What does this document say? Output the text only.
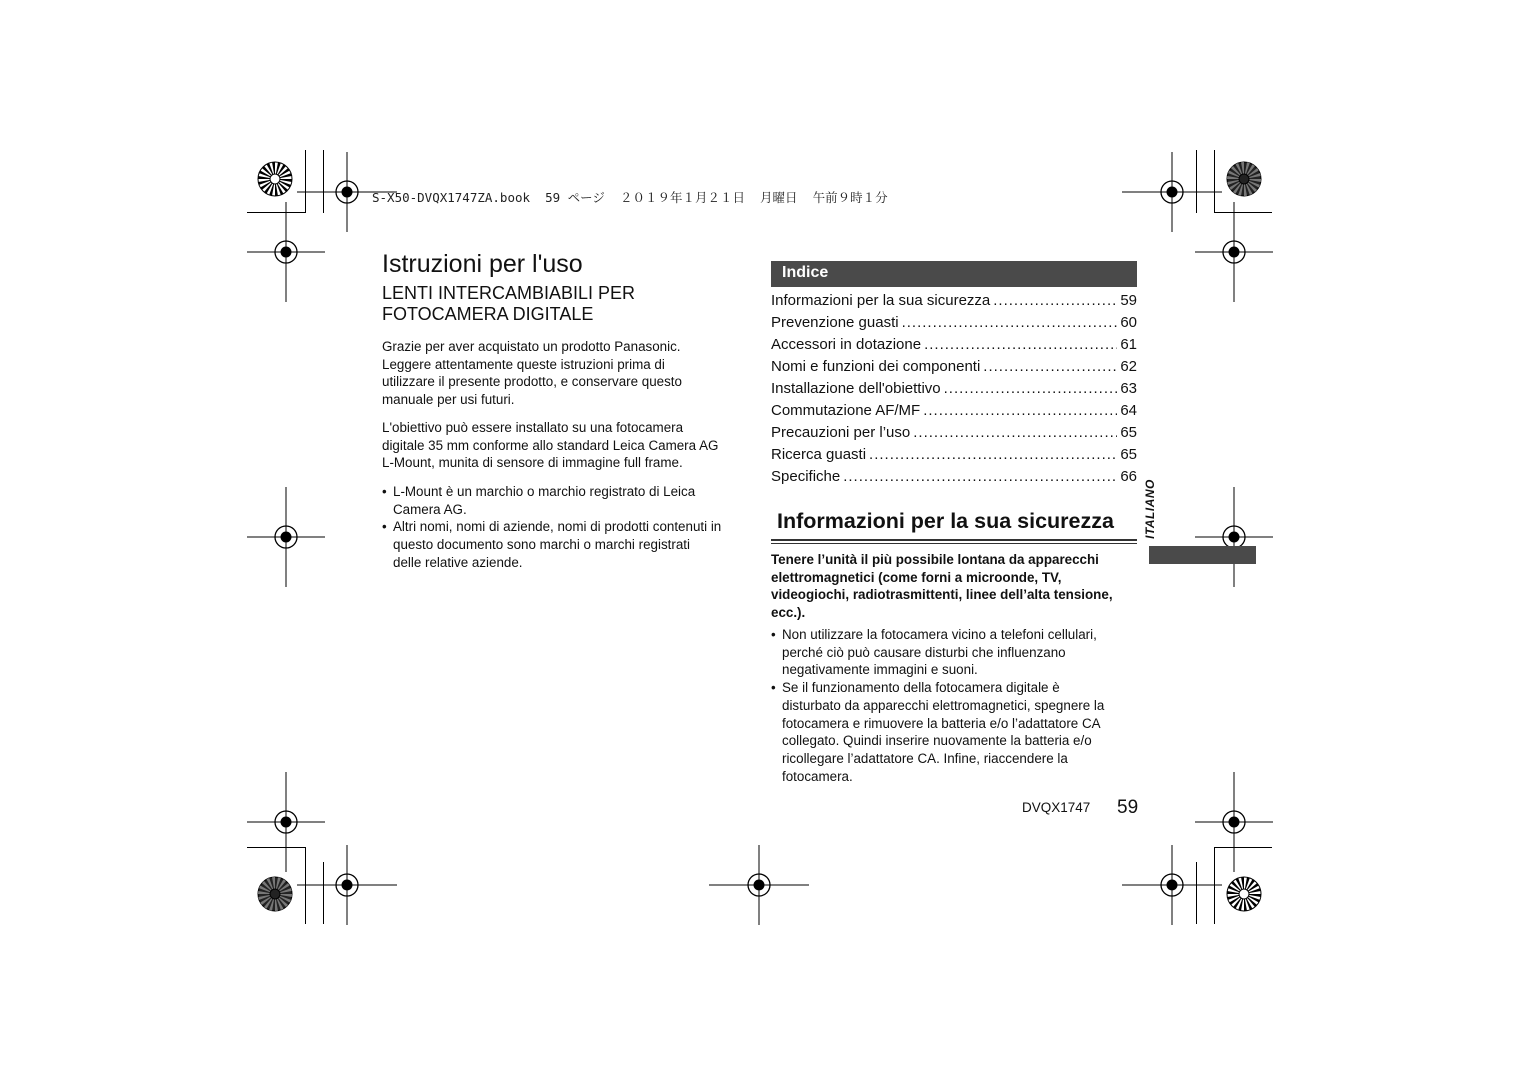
S-X50-DVQX1747ZA.book  59 ページ  ２０１９年１月２１日  月曜日  午前９時１分
Istruzioni per l'uso
LENTI INTERCAMBIABILI PER
FOTOCAMERA DIGITALE
Grazie per aver acquistato un prodotto Panasonic.
Leggere attentamente queste istruzioni prima di
utilizzare il presente prodotto, e conservare questo
manuale per usi futuri.
L'obiettivo può essere installato su una fotocamera
digitale 35 mm conforme allo standard Leica Camera AG
L-Mount, munita di sensore di immagine full frame.
• L-Mount è un marchio o marchio registrato di Leica
Camera AG.
• Altri nomi, nomi di aziende, nomi di prodotti contenuti in
questo documento sono marchi o marchi registrati
delle relative aziende.
Indice
Informazioni per la sua sicurezza .....	59
Prevenzione guasti .....	60
Accessori in dotazione .....	61
Nomi e funzioni dei componenti .....	62
Installazione dell'obiettivo .....	63
Commutazione AF/MF .....	64
Precauzioni per l’uso .....	65
Ricerca guasti .....	65
Specifiche .....	66
Informazioni per la sua sicurezza
Tenere l’unità il più possibile lontana da apparecchi
elettromagnetici (come forni a microonde, TV,
videogiochi, radiotrasmittenti, linee dell’alta tensione,
ecc.).
• Non utilizzare la fotocamera vicino a telefoni cellulari,
perché ciò può causare disturbi che influenzano
negativamente immagini e suoni.
• Se il funzionamento della fotocamera digitale è
disturbato da apparecchi elettromagnetici, spegnere la
fotocamera e rimuovere la batteria e/o l’adattatore CA
collegato. Quindi inserire nuovamente la batteria e/o
ricollegare l’adattatore CA. Infine, riaccendere la
fotocamera.
ITALIANO
DVQX1747 59
